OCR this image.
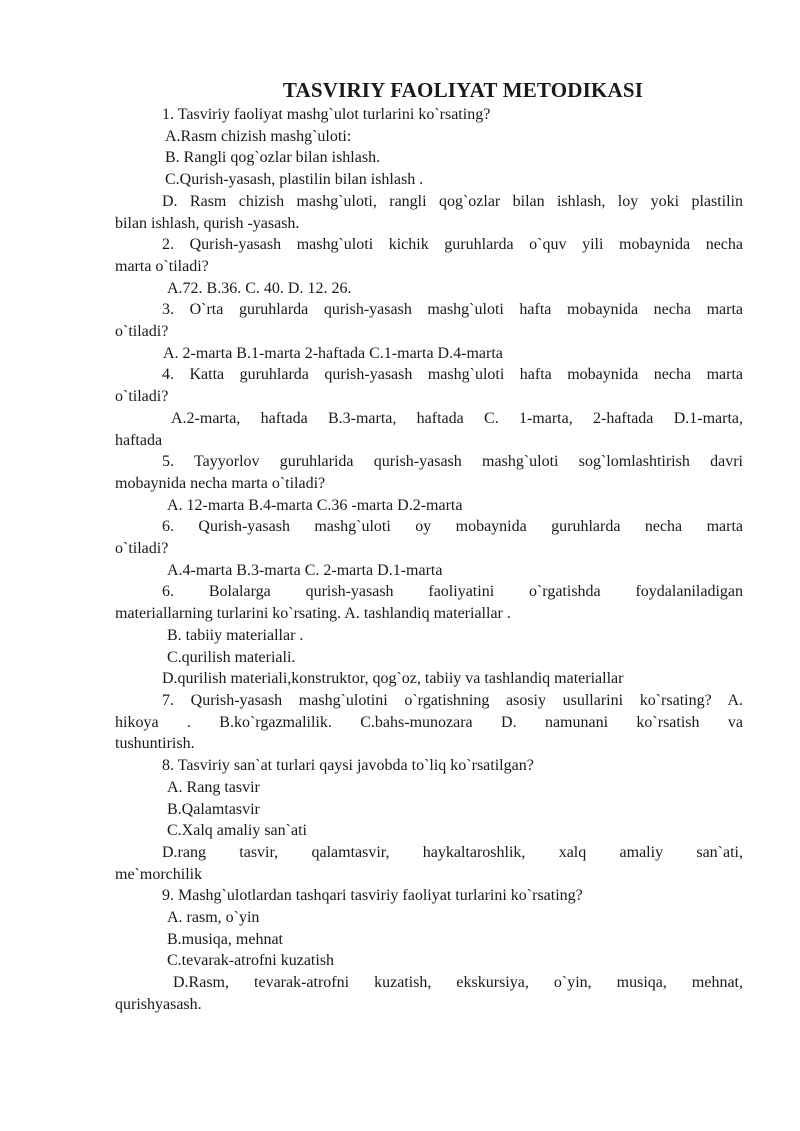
TASVIRIY FAOLIYAT METODIKASI

1. Tasviriy faoliyat mashg`ulot turlarini ko`rsating?

A.Rasm chizish mashg`uloti:

B. Rangli qog`ozlar bilan ishlash.

C.Qurish-yasash, plastilin bilan ishlash .

D. Rasm chizish mashg`uloti, rangli qog`ozlar bilan ishlash, loy yoki plastilin

bilan ishlash, qurish -yasash.

2. Qurish-yasash mashg`uloti kichik guruhlarda o`quv yili mobaynida necha

marta o`tiladi?

A.72. B.36. C. 40. D. 12. 26.

3. O`rta guruhlarda qurish-yasash mashg`uloti hafta mobaynida necha marta

o`tiladi?

A. 2-marta B.1-marta 2-haftada C.1-marta D.4-marta

4. Katta guruhlarda qurish-yasash mashg`uloti hafta mobaynida necha marta

o`tiladi?

A.2-marta, haftada B.3-marta, haftada C. 1-marta, 2-haftada D.1-marta,

haftada

5. Tayyorlov guruhlarida qurish-yasash mashg`uloti sog`lomlashtirish davri

mobaynida necha marta o`tiladi?

A. 12-marta B.4-marta C.36 -marta D.2-marta

6. Qurish-yasash mashg`uloti oy mobaynida guruhlarda necha marta

o`tiladi?

A.4-marta B.3-marta C. 2-marta D.1-marta

6. Bolalarga qurish-yasash faoliyatini o`rgatishda foydalaniladigan

materiallarning turlarini ko`rsating. A. tashlandiq materiallar .

B. tabiiy materiallar .

C.qurilish materiali.

D.qurilish materiali,konstruktor, qog`oz, tabiiy va tashlandiq materiallar

7. Qurish-yasash mashg`ulotini o`rgatishning asosiy usullarini ko`rsating? A.

hikoya . B.ko`rgazmalilik. C.bahs-munozara D. namunani ko`rsatish va

tushuntirish.

8. Tasviriy san`at turlari qaysi javobda to`liq ko`rsatilgan?

A. Rang tasvir

B.Qalamtasvir

C.Xalq amaliy san`ati

D.rang tasvir, qalamtasvir, haykaltaroshlik, xalq amaliy san`ati,

me`morchilik

9. Mashg`ulotlardan tashqari tasviriy faoliyat turlarini ko`rsating?

A. rasm, o`yin

B.musiqa, mehnat

C.tevarak-atrofni kuzatish

D.Rasm, tevarak-atrofni kuzatish, ekskursiya, o`yin, musiqa, mehnat,

qurishyasash.
